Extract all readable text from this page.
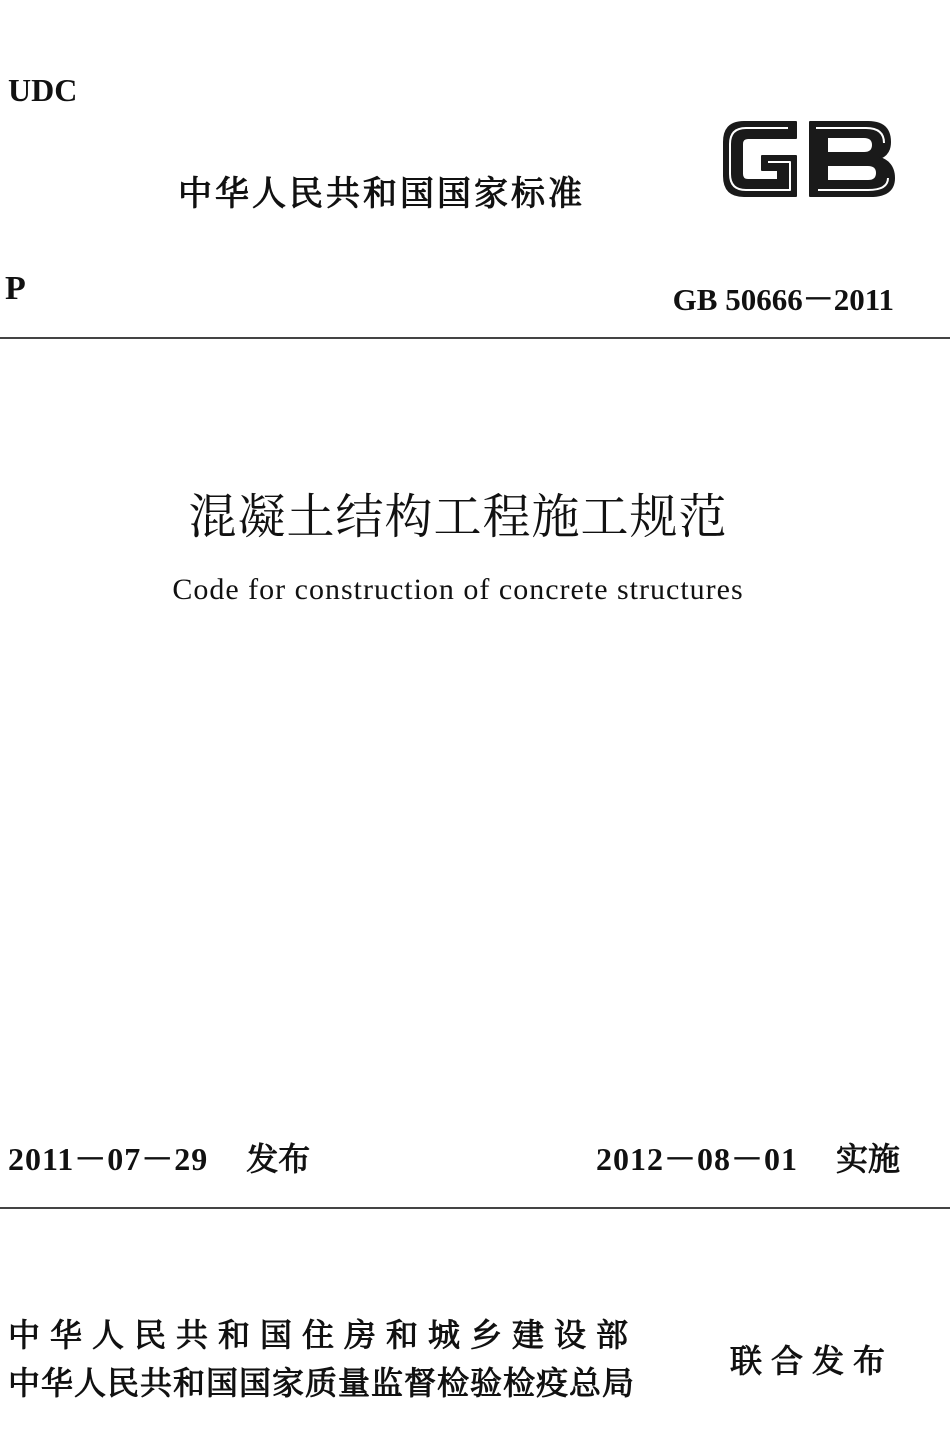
UDC
中华人民共和国国家标准
P	GB 50666－2011
混凝土结构工程施工规范
Code for construction of concrete structures
2011－07－29 发布	2012－08－01 实施
中华人民共和国住房和城乡建设部
中华人民共和国国家质量监督检验检疫总局
联合发布
